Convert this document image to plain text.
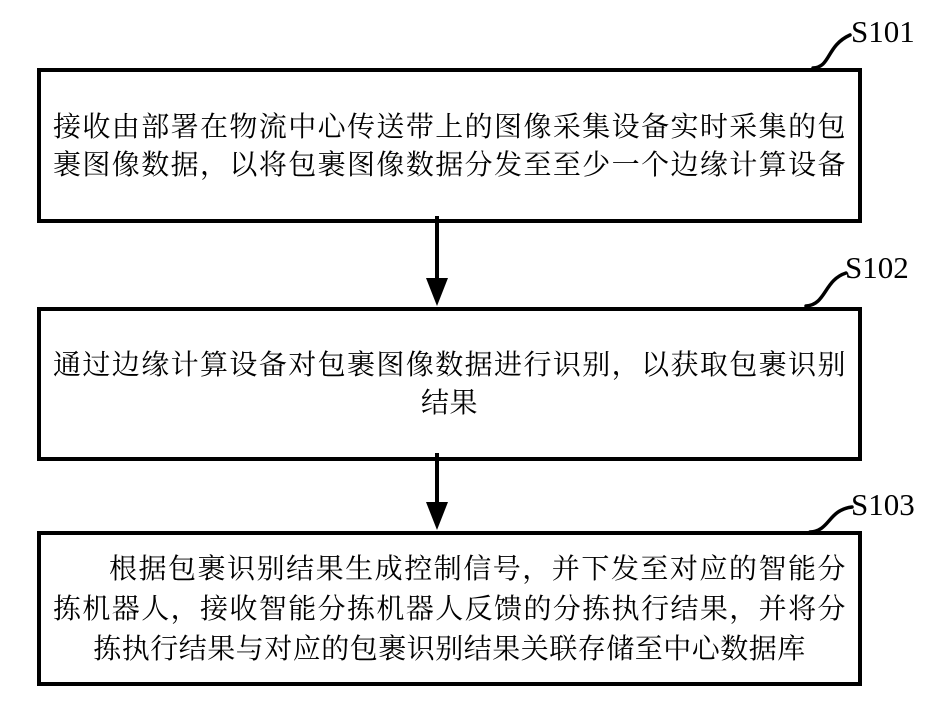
接收由部署在物流中心传送带上的图像采集设备实时采集的包
裹图像数据，以将包裹图像数据分发至至少一个边缘计算设备
通过边缘计算设备对包裹图像数据进行识别，以获取包裹识别
结果
根据包裹识别结果生成控制信号，并下发至对应的智能分
拣机器人，接收智能分拣机器人反馈的分拣执行结果，并将分
拣执行结果与对应的包裹识别结果关联存储至中心数据库
S101
S102
S103
